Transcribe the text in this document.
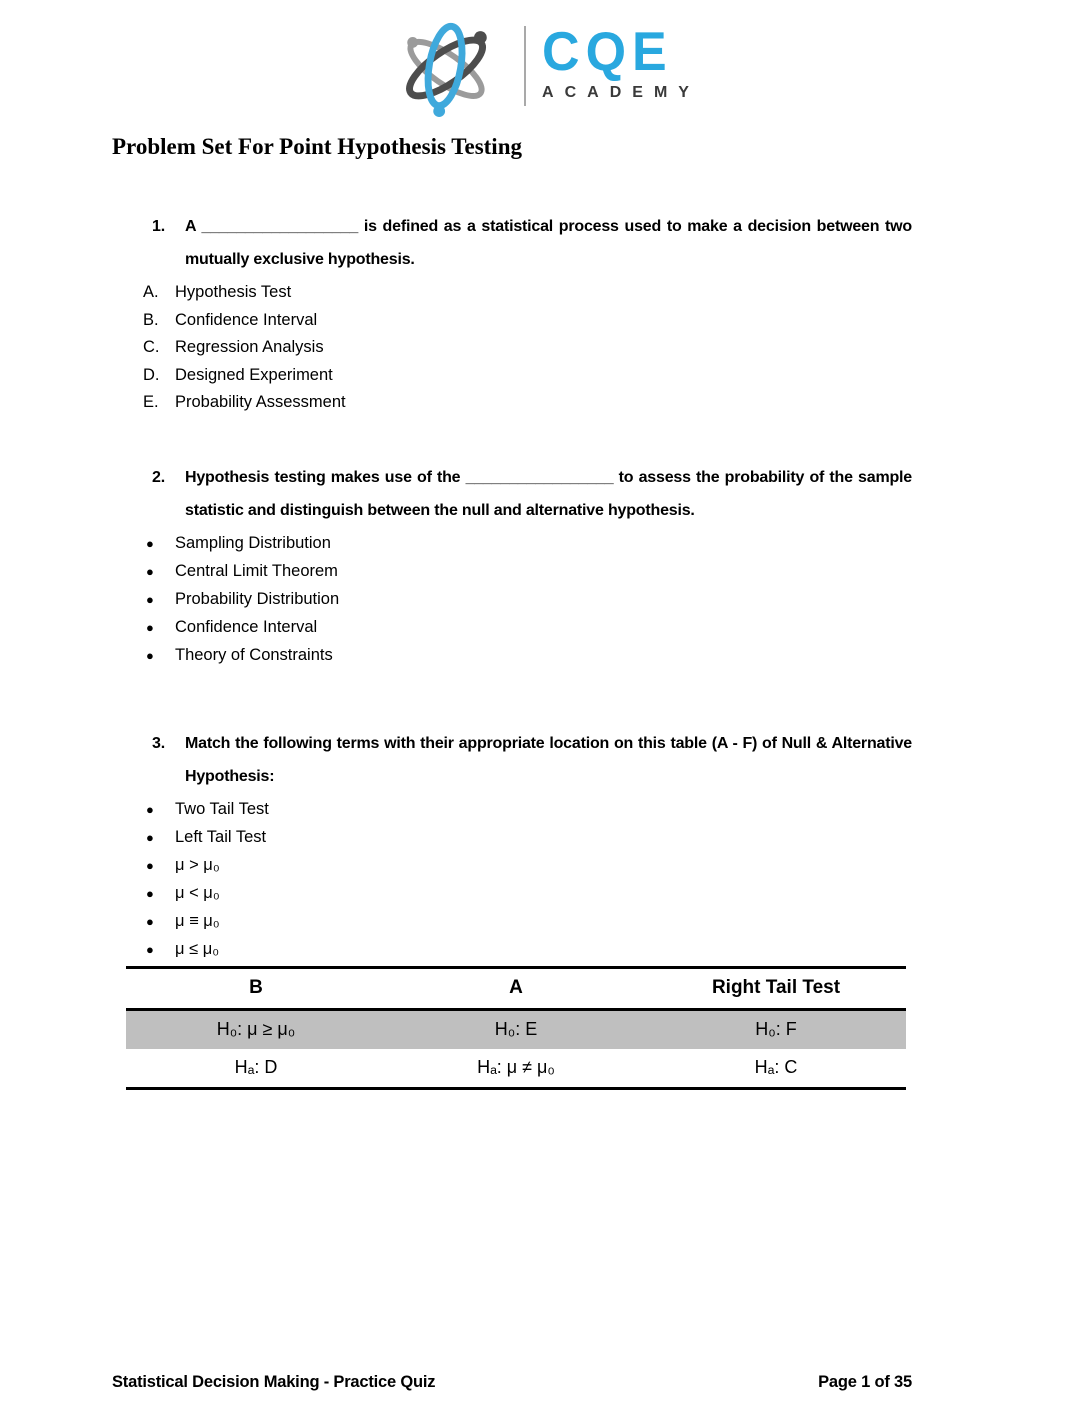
CQE
ACADEMY
Problem Set For Point Hypothesis Testing
1.	A __________________ is defined as a statistical process used to make a decision between two mutually exclusive hypothesis.

A. Hypothesis Test
B. Confidence Interval
C. Regression Analysis
D. Designed Experiment
E. Probability Assessment
2.	Hypothesis testing makes use of the _________________ to assess the probability of the sample statistic and distinguish between the null and alternative hypothesis.

●	Sampling Distribution
●	Central Limit Theorem
●	Probability Distribution
●	Confidence Interval
●	Theory of Constraints
3.	Match the following terms with their appropriate location on this table (A - F) of Null & Alternative Hypothesis:

●	Two Tail Test
●	Left Tail Test
●	μ > μ₀
●	μ < μ₀
●	μ ≡ μ₀
●	μ ≤ μ₀
B	A	Right Tail Test
H₀: μ ≥ μ₀	H₀: E	H₀: F
Hₐ: D	Hₐ: μ ≠ μ₀	Hₐ: C
Statistical Decision Making - Practice Quiz	Page 1 of 35
